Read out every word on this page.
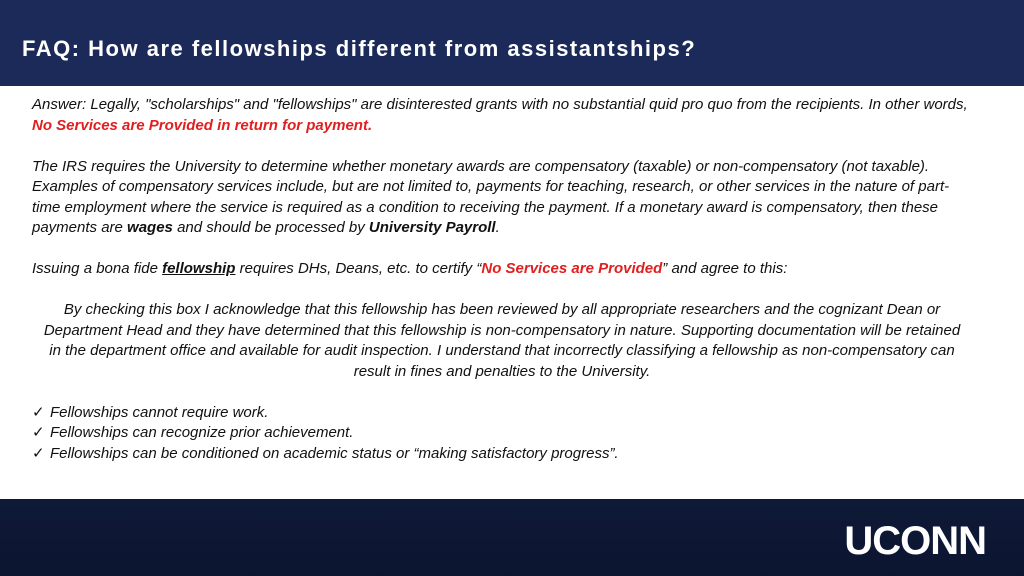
FAQ: How are fellowships different from assistantships?

Answer: Legally, "scholarships" and "fellowships" are disinterested grants with no substantial quid pro quo from the recipients. In other words, No Services are Provided in return for payment.

The IRS requires the University to determine whether monetary awards are compensatory (taxable) or non-compensatory (not taxable). Examples of compensatory services include, but are not limited to, payments for teaching, research, or other services in the nature of part-time employment where the service is required as a condition to receiving the payment. If a monetary award is compensatory, then these payments are wages and should be processed by University Payroll.

Issuing a bona fide fellowship requires DHs, Deans, etc. to certify “No Services are Provided” and agree to this:

By checking this box I acknowledge that this fellowship has been reviewed by all appropriate researchers and the cognizant Dean or Department Head and they have determined that this fellowship is non-compensatory in nature. Supporting documentation will be retained in the department office and available for audit inspection. I understand that incorrectly classifying a fellowship as non-compensatory can result in fines and penalties to the University.

✓ Fellowships cannot require work.
✓ Fellowships can recognize prior achievement.
✓ Fellowships can be conditioned on academic status or “making satisfactory progress”.
UCONN
